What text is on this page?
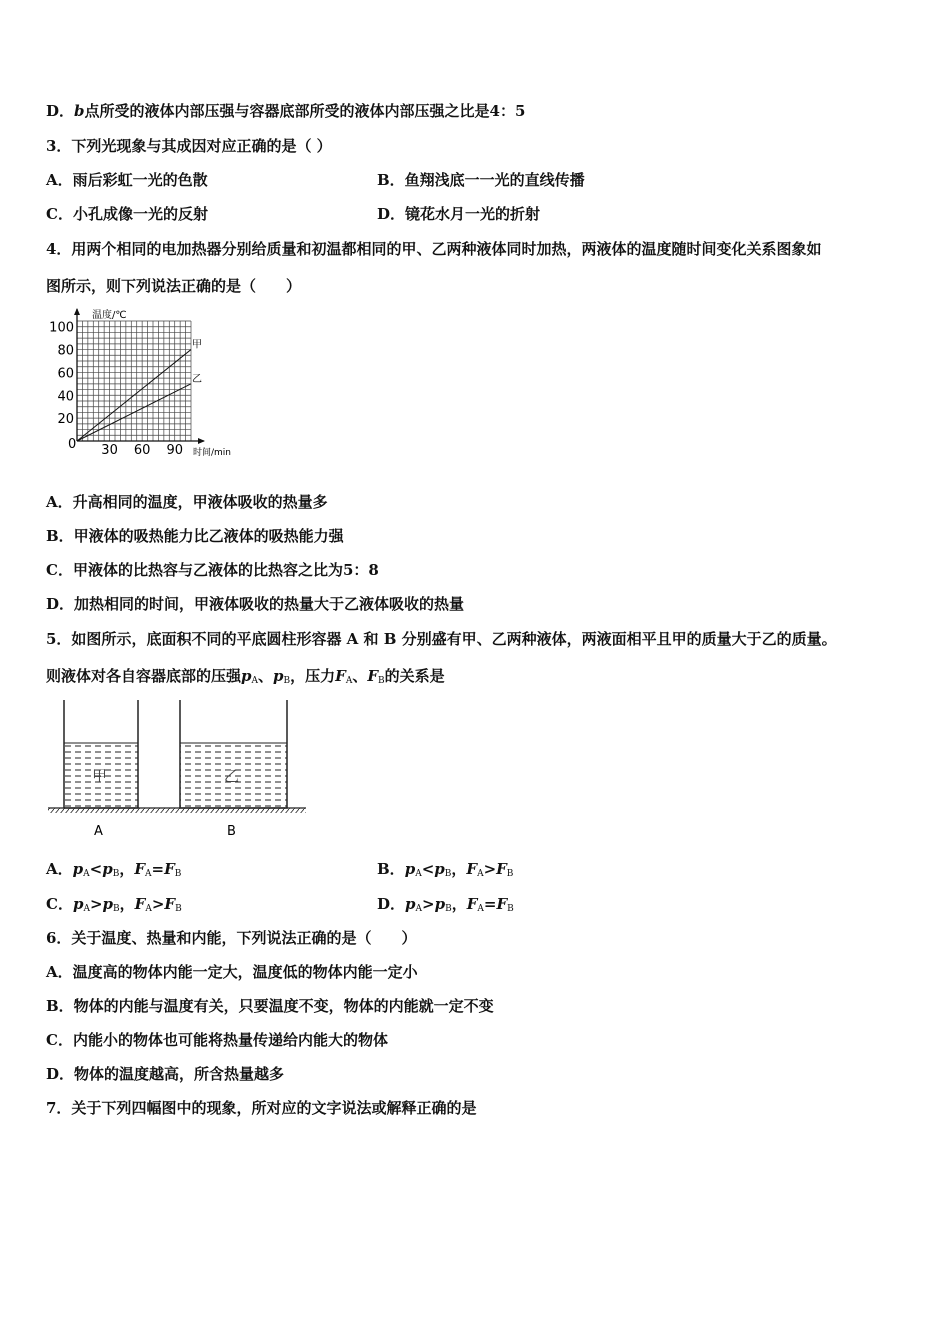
D．b点所受的液体内部压强与容器底部所受的液体内部压强之比是4：5
3．下列光现象与其成因对应正确的是（ ）
A．雨后彩虹一光的色散	B．鱼翔浅底一一光的直线传播
C．小孔成像一光的反射	D．镜花水月一光的折射
4．用两个相同的电加热器分别给质量和初温都相同的甲、乙两种液体同时加热，两液体的温度随时间变化关系图象如
图所示，则下列说法正确的是（　　）
温度/℃
时间/min
0
100
80
60
40
20
30 60 90
甲
乙
A．升高相同的温度，甲液体吸收的热量多
B．甲液体的吸热能力比乙液体的吸热能力强
C．甲液体的比热容与乙液体的比热容之比为5：8
D．加热相同的时间，甲液体吸收的热量大于乙液体吸收的热量
5．如图所示，底面积不同的平底圆柱形容器 A 和 B 分别盛有甲、乙两种液体，两液面相平且甲的质量大于乙的质量。
则液体对各自容器底部的压强$p_A$、$p_B$，压力$F_A$、$F_B$的关系是
甲	乙
A	B
A．$p_A<p_B$，$F_A=F_B$	B．$p_A<p_B$，$F_A>F_B$
C．$p_A>p_B$，$F_A>F_B$	D．$p_A>p_B$，$F_A=F_B$
6．关于温度、热量和内能，下列说法正确的是（　　）
A．温度高的物体内能一定大，温度低的物体内能一定小
B．物体的内能与温度有关，只要温度不变，物体的内能就一定不变
C．内能小的物体也可能将热量传递给内能大的物体
D．物体的温度越高，所含热量越多
7．关于下列四幅图中的现象，所对应的文字说法或解释正确的是
